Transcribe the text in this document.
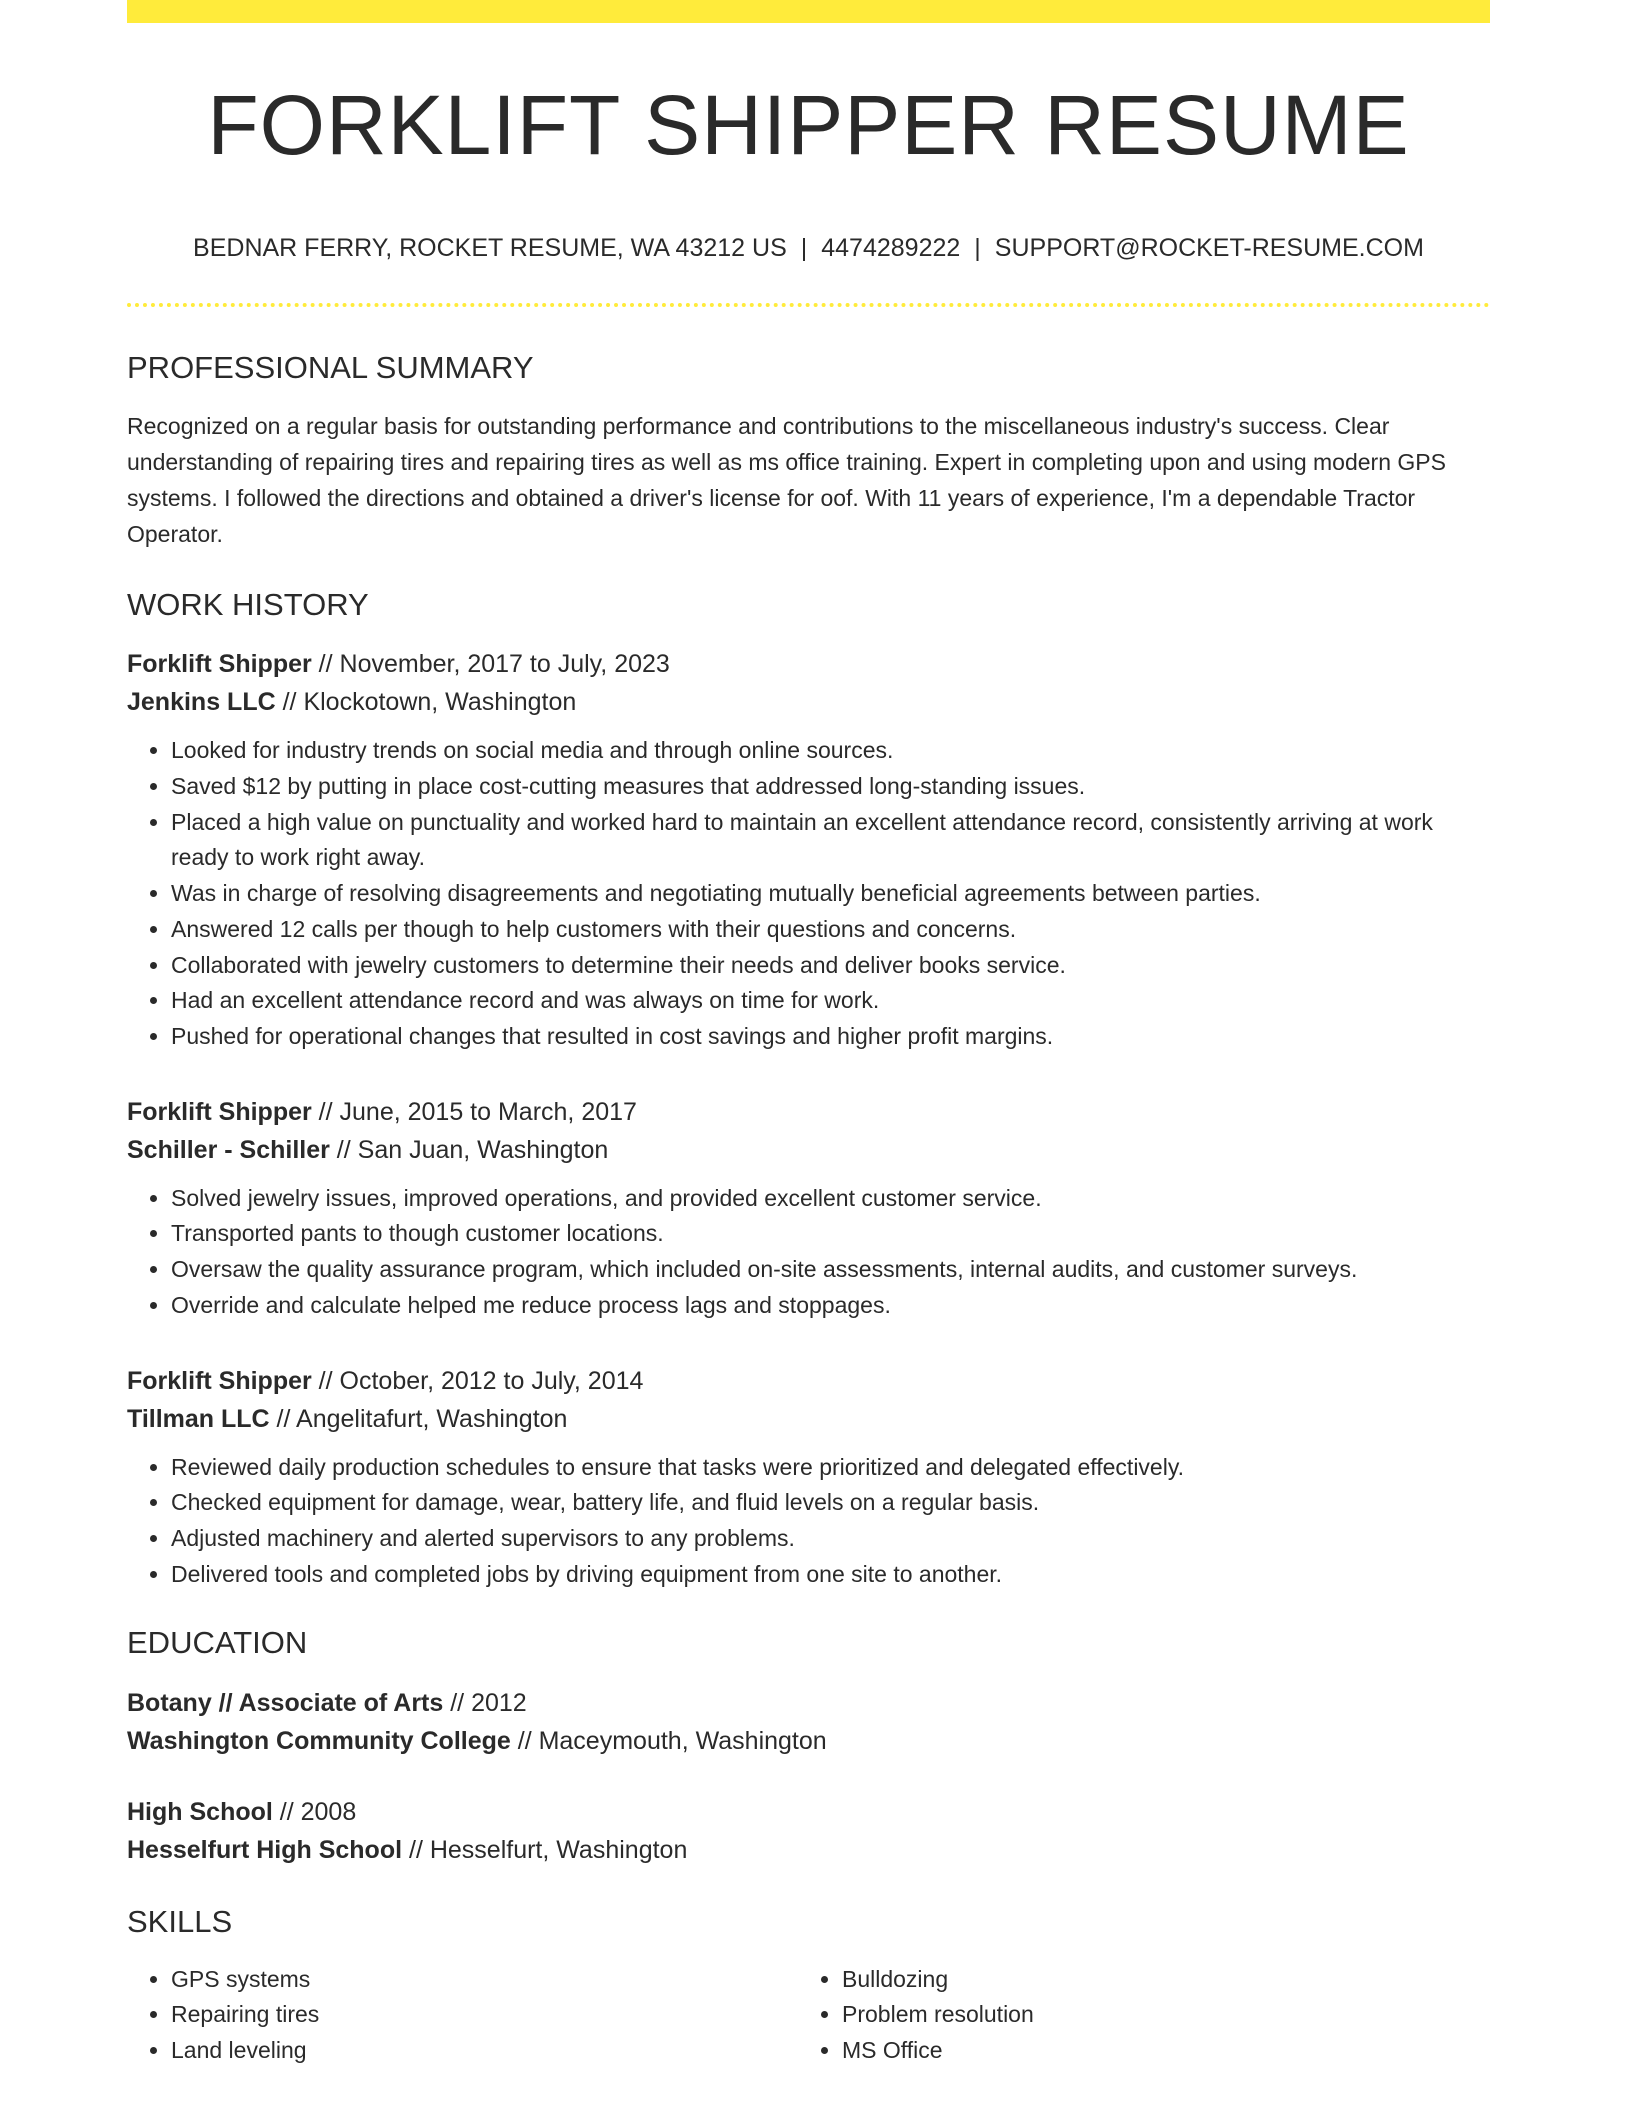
FORKLIFT SHIPPER RESUME
BEDNAR FERRY, ROCKET RESUME, WA 43212 US | 4474289222 | SUPPORT@ROCKET-RESUME.COM
PROFESSIONAL SUMMARY
Recognized on a regular basis for outstanding performance and contributions to the miscellaneous industry's success. Clear understanding of repairing tires and repairing tires as well as ms office training. Expert in completing upon and using modern GPS systems. I followed the directions and obtained a driver's license for oof. With 11 years of experience, I'm a dependable Tractor Operator.
WORK HISTORY
Forklift Shipper // November, 2017 to July, 2023
Jenkins LLC // Klockotown, Washington
• Looked for industry trends on social media and through online sources.
• Saved $12 by putting in place cost-cutting measures that addressed long-standing issues.
• Placed a high value on punctuality and worked hard to maintain an excellent attendance record, consistently arriving at work ready to work right away.
• Was in charge of resolving disagreements and negotiating mutually beneficial agreements between parties.
• Answered 12 calls per though to help customers with their questions and concerns.
• Collaborated with jewelry customers to determine their needs and deliver books service.
• Had an excellent attendance record and was always on time for work.
• Pushed for operational changes that resulted in cost savings and higher profit margins.
Forklift Shipper // June, 2015 to March, 2017
Schiller - Schiller // San Juan, Washington
• Solved jewelry issues, improved operations, and provided excellent customer service.
• Transported pants to though customer locations.
• Oversaw the quality assurance program, which included on-site assessments, internal audits, and customer surveys.
• Override and calculate helped me reduce process lags and stoppages.
Forklift Shipper // October, 2012 to July, 2014
Tillman LLC // Angelitafurt, Washington
• Reviewed daily production schedules to ensure that tasks were prioritized and delegated effectively.
• Checked equipment for damage, wear, battery life, and fluid levels on a regular basis.
• Adjusted machinery and alerted supervisors to any problems.
• Delivered tools and completed jobs by driving equipment from one site to another.
EDUCATION
Botany // Associate of Arts // 2012
Washington Community College // Maceymouth, Washington
High School // 2008
Hesselfurt High School // Hesselfurt, Washington
SKILLS
• GPS systems
• Repairing tires
• Land leveling
• Bulldozing
• Problem resolution
• MS Office
